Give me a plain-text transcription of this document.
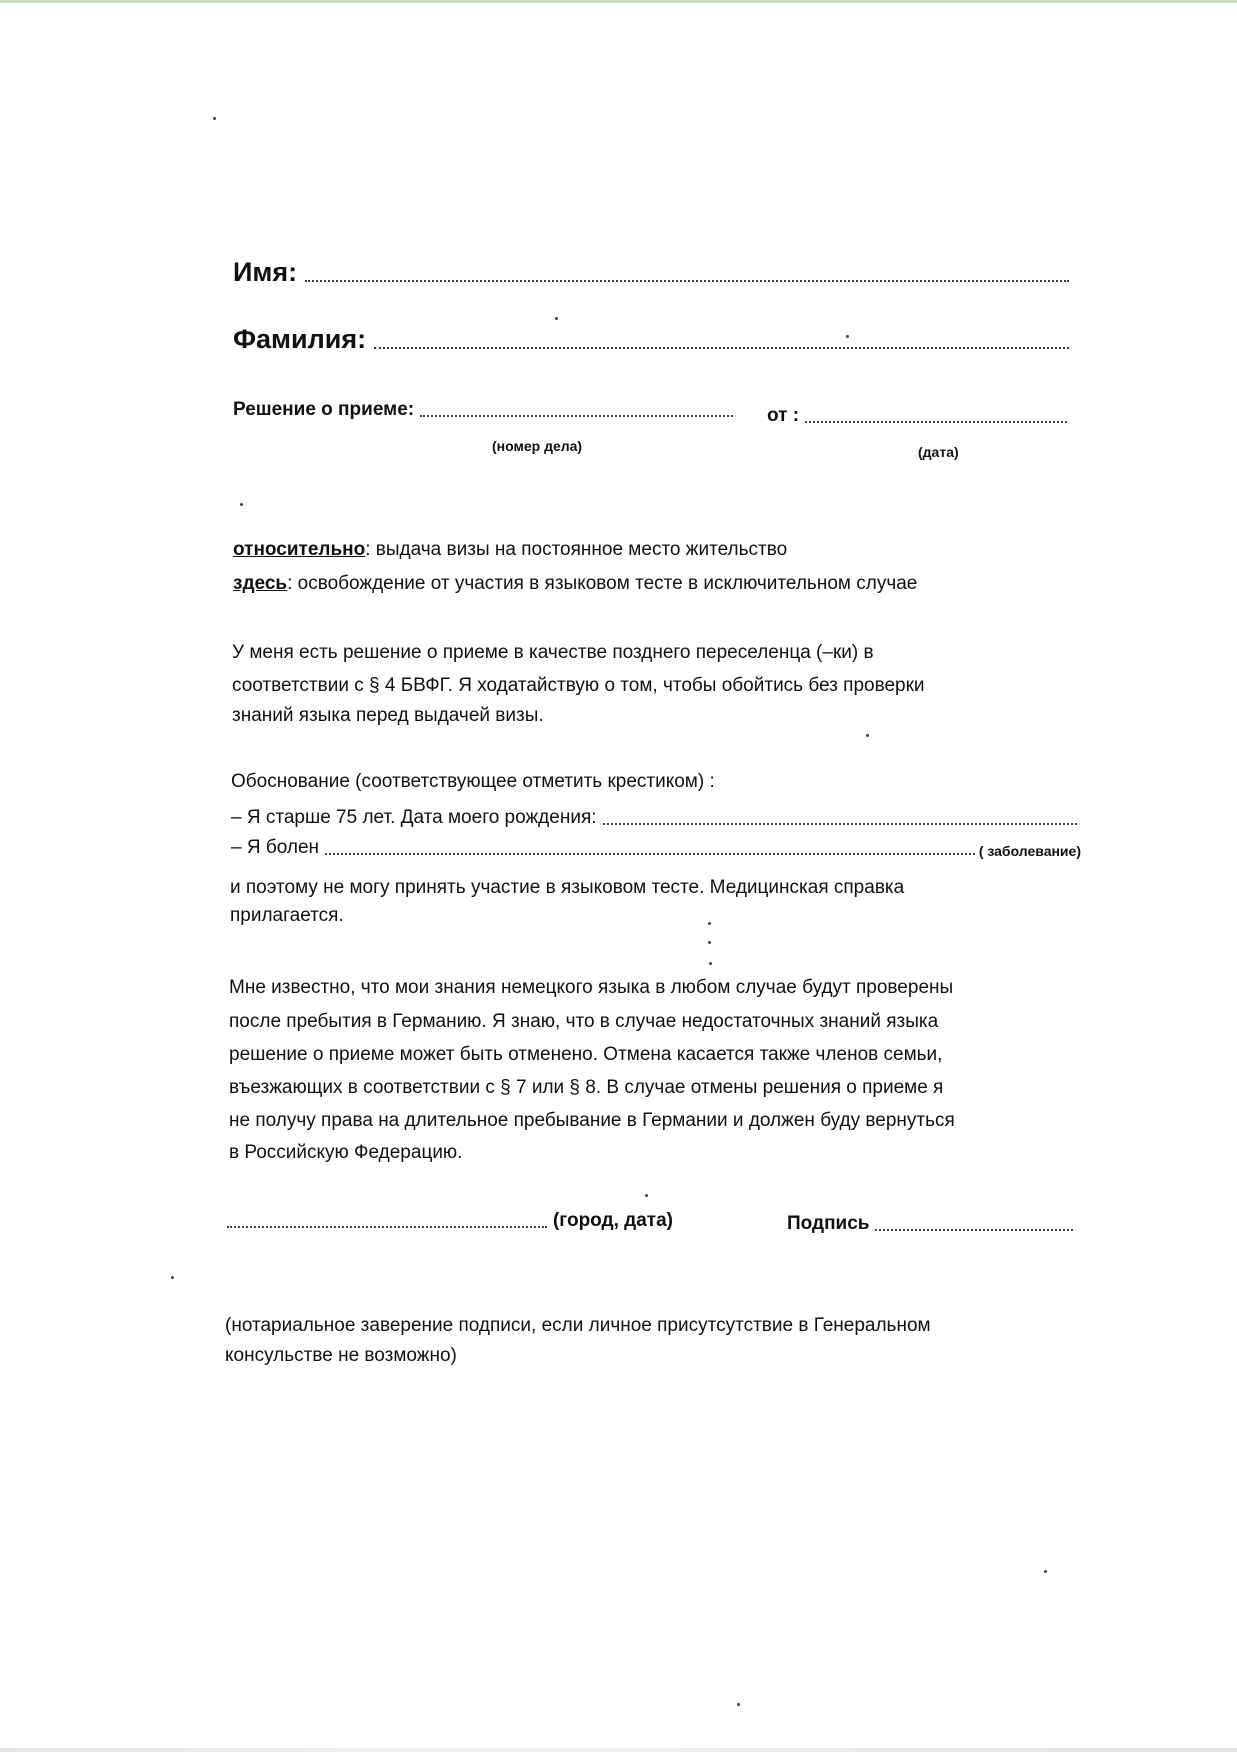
Имя:
Фамилия:
Решение о приеме:	от :
(номер дела)	(дата)
относительно: выдача визы на постоянное место жительство
здесь: освобождение от участия в языковом тесте в исключительном случае
У меня есть решение о приеме в качестве позднего переселенца (–ки) в
соответствии с § 4 БВФГ. Я ходатайствую о том, чтобы обойтись без проверки
знаний языка перед выдачей визы.
Обоснование (соответствующее отметить крестиком) :
– Я старше 75 лет. Дата моего рождения:
– Я болен	( заболевание)
и поэтому не могу принять участие в языковом тесте. Медицинская справка
прилагается.
Мне известно, что мои знания немецкого языка в любом случае будут проверены
после пребытия в Германию. Я знаю, что в случае недостаточных знаний языка
решение о приеме может быть отменено. Отмена касается также членов семьи,
въезжающих в соответствии с § 7 или § 8. В случае отмены решения о приеме я
не получу права на длительное пребывание в Германии и должен буду вернуться
в Российскую Федерацию.
(город, дата)	Подпись
(нотариальное заверение подписи, если личное присутсутствие в Генеральном
консульстве не возможно)
